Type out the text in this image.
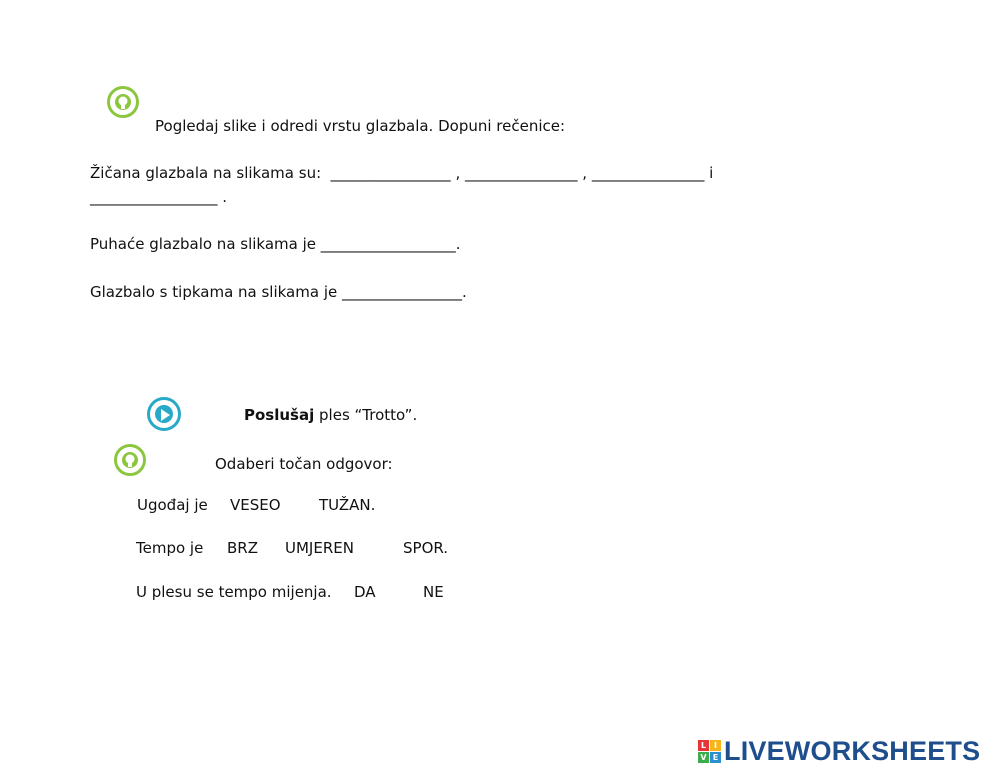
Pogledaj slike i odredi vrstu glazbala. Dopuni rečenice:
Žičana glazbala na slikama su: ________________ , _______________ , _______________ i
_________________ .
Puhaće glazbalo na slikama je __________________.
Glazbalo s tipkama na slikama je ________________.
Poslušaj ples “Trotto”.
Odaberi točan odgovor:
Ugođaj je VESEO	TUŽAN.
Tempo je BRZ UMJEREN	SPOR.
U plesu se tempo mijenja. DA	NE
L I
V E LIVEWORKSHEETS
